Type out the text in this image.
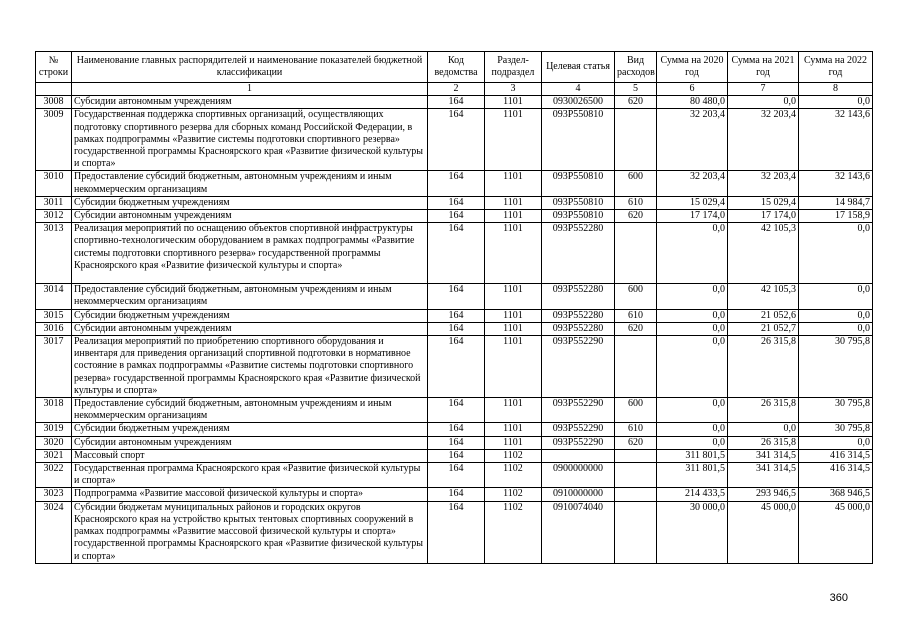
№ строки	Наименование главных распорядителей и наименование показателей бюджетной классификации	Код ведомства	Раздел- подраздел	Целевая статья	Вид расходов	Сумма на 2020 год	Сумма на 2021 год	Сумма на 2022 год
	1	2	3	4	5	6	7	8
3008	Субсидии автономным учреждениям	164	1101	0930026500	620	80 480,0	0,0	0,0
3009	Государственная поддержка спортивных организаций, осуществляющих подготовку спортивного резерва для сборных команд Российской Федерации, в рамках подпрограммы «Развитие системы подготовки спортивного резерва» государственной программы Красноярского края «Развитие физической культуры и спорта»	164	1101	093P550810		32 203,4	32 203,4	32 143,6
3010	Предоставление субсидий бюджетным, автономным учреждениям и иным некоммерческим организациям	164	1101	093P550810	600	32 203,4	32 203,4	32 143,6
3011	Субсидии бюджетным учреждениям	164	1101	093P550810	610	15 029,4	15 029,4	14 984,7
3012	Субсидии автономным учреждениям	164	1101	093P550810	620	17 174,0	17 174,0	17 158,9
3013	Реализация мероприятий по оснащению объектов спортивной инфраструктуры спортивно-технологическим оборудованием в рамках подпрограммы «Развитие системы подготовки спортивного резерва» государственной программы Красноярского края «Развитие физической культуры и спорта»	164	1101	093P552280		0,0	42 105,3	0,0
3014	Предоставление субсидий бюджетным, автономным учреждениям и иным некоммерческим организациям	164	1101	093P552280	600	0,0	42 105,3	0,0
3015	Субсидии бюджетным учреждениям	164	1101	093P552280	610	0,0	21 052,6	0,0
3016	Субсидии автономным учреждениям	164	1101	093P552280	620	0,0	21 052,7	0,0
3017	Реализация мероприятий по приобретению спортивного оборудования и инвентаря для приведения организаций спортивной подготовки в нормативное состояние в рамках подпрограммы «Развитие системы подготовки спортивного резерва» государственной программы Красноярского края «Развитие физической культуры и спорта»	164	1101	093P552290		0,0	26 315,8	30 795,8
3018	Предоставление субсидий бюджетным, автономным учреждениям и иным некоммерческим организациям	164	1101	093P552290	600	0,0	26 315,8	30 795,8
3019	Субсидии бюджетным учреждениям	164	1101	093P552290	610	0,0	0,0	30 795,8
3020	Субсидии автономным учреждениям	164	1101	093P552290	620	0,0	26 315,8	0,0
3021	Массовый спорт	164	1102			311 801,5	341 314,5	416 314,5
3022	Государственная программа Красноярского края «Развитие физической культуры и спорта»	164	1102	0900000000		311 801,5	341 314,5	416 314,5
3023	Подпрограмма «Развитие массовой физической культуры и спорта»	164	1102	0910000000		214 433,5	293 946,5	368 946,5
3024	Субсидии бюджетам муниципальных районов и городских округов Красноярского края на устройство крытых тентовых спортивных сооружений в рамках подпрограммы «Развитие массовой физической культуры и спорта» государственной программы Красноярского края «Развитие физической культуры и спорта»	164	1102	0910074040		30 000,0	45 000,0	45 000,0
360
